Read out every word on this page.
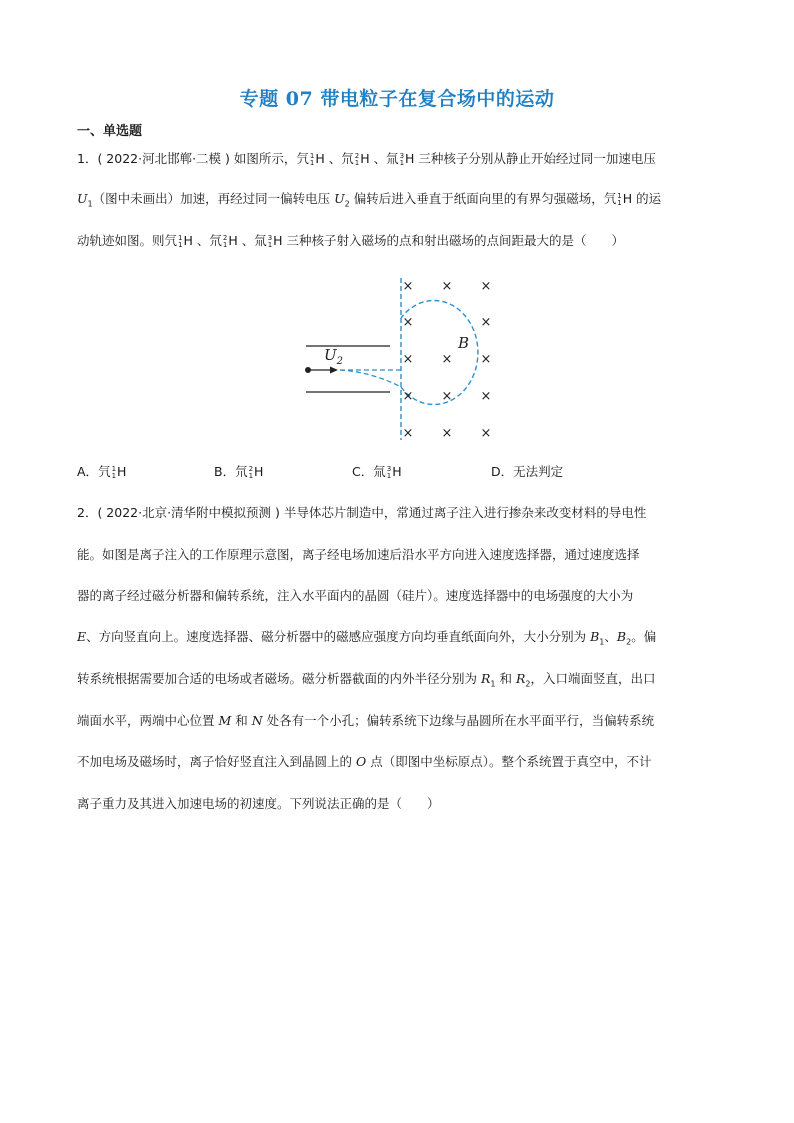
专题 07 带电粒子在复合场中的运动
一、单选题
1．( 2022·河北邯郸·二模 ) 如图所示，氕 1
1 H 、氘 2
1 H 、氚 3
1 H 三种核子分别从静止开始经过同一加速电压
$U_1$（图中未画出）加速，再经过同一偏转电压 $U_2$ 偏转后进入垂直于纸面向里的有界匀强磁场，氕 1
1 H 的运
动轨迹如图。则氕 1
1 H 、氘 2
1 H 、氚 3
1 H 三种核子射入磁场的点和射出磁场的点间距最大的是（　　）
$U_2$
B
× × ×
×	×
× × ×
× × ×
× × ×
A．氕 1
1 H	B．氘 2
1 H	C．氚 3
1 H	D．无法判定
2．( 2022·北京·清华附中模拟预测 ) 半导体芯片制造中，常通过离子注入进行掺杂来改变材料的导电性
能。如图是离子注入的工作原理示意图，离子经电场加速后沿水平方向进入速度选择器，通过速度选择
器的离子经过磁分析器和偏转系统，注入水平面内的晶圆（硅片）。速度选择器中的电场强度的大小为
E、方向竖直向上。速度选择器、磁分析器中的磁感应强度方向均垂直纸面向外，大小分别为 $B_1$、$B_2$。偏
转系统根据需要加合适的电场或者磁场。磁分析器截面的内外半径分别为 $R_1$ 和 $R_2$，入口端面竖直，出口
端面水平，两端中心位置 M 和 N 处各有一个小孔；偏转系统下边缘与晶圆所在水平面平行，当偏转系统
不加电场及磁场时，离子恰好竖直注入到晶圆上的 O 点（即图中坐标原点）。整个系统置于真空中，不计
离子重力及其进入加速电场的初速度。下列说法正确的是（　　）
